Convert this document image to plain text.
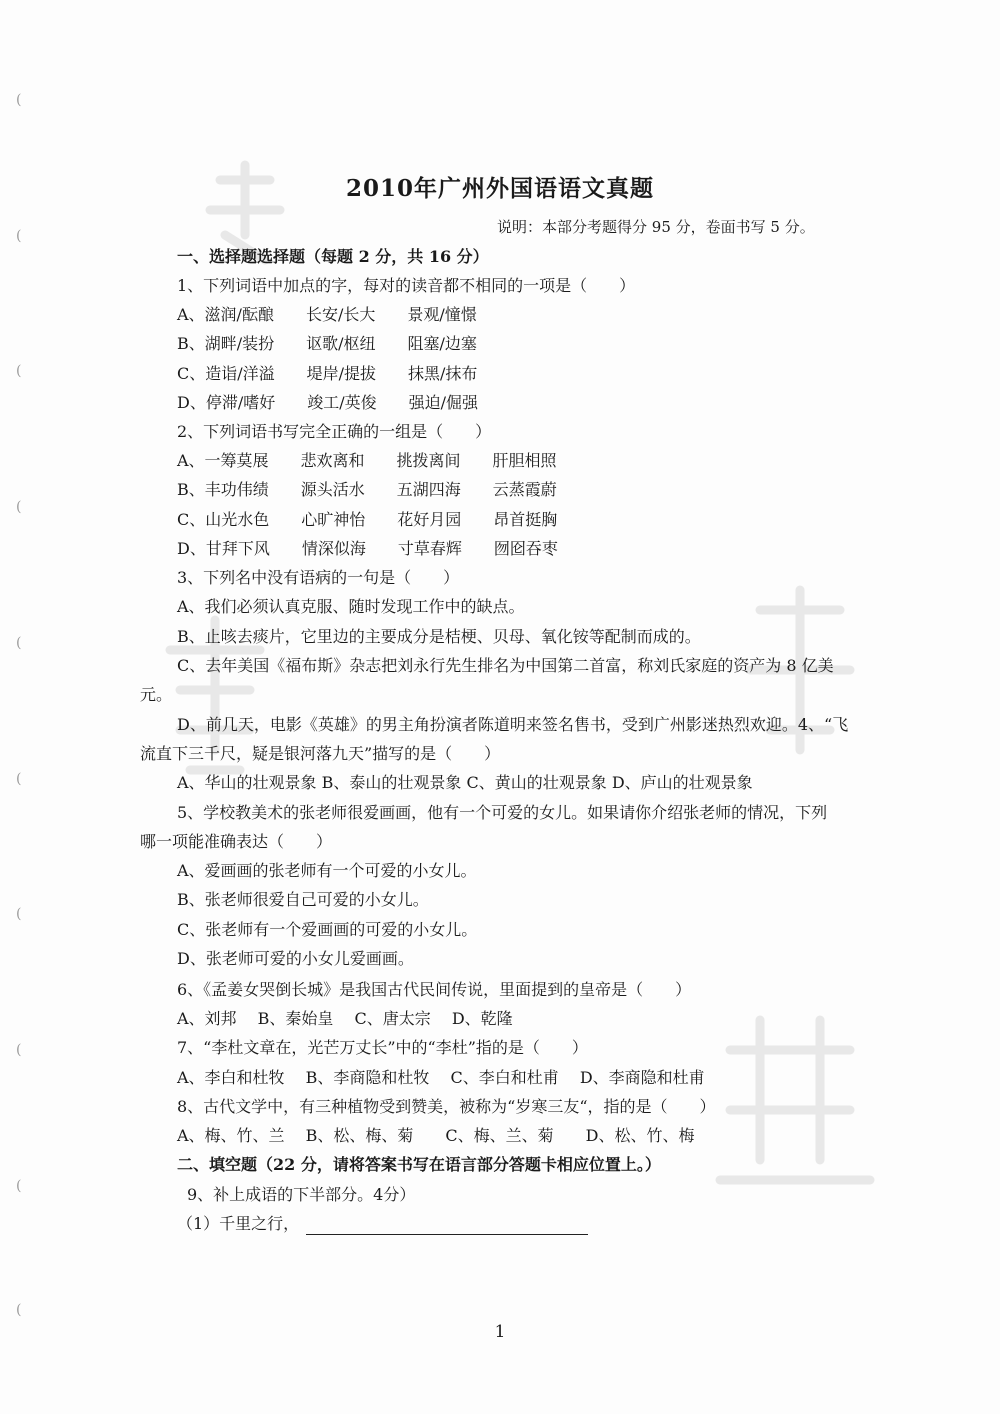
(
(
(
(
(
(
(
(
(
(
2010年广州外国语语文真题
说明：本部分考题得分 95 分，卷面书写 5 分。
一、选择题选择题（每题 2 分，共 16 分）
1、下列词语中加点的字，每对的读音都不相同的一项是（　　）
A、滋润/酝酿　　长安/长大　　景观/憧憬
B、湖畔/装扮　　讴歌/枢纽　　阻塞/边塞
C、造诣/洋溢　　堤岸/提拔　　抹黑/抹布
D、停滞/嗜好　　竣工/英俊　　强迫/倔强
2、下列词语书写完全正确的一组是（　　）
A、一筹莫展　　悲欢离和　　挑拨离间　　肝胆相照
B、丰功伟绩　　源头活水　　五湖四海　　云蒸霞蔚
C、山光水色　　心旷神怡　　花好月园　　昂首挺胸
D、甘拜下风　　情深似海　　寸草春辉　　囫囵吞枣
3、下列名中没有语病的一句是（　　）
A、我们必须认真克服、随时发现工作中的缺点。
B、止咳去痰片，它里边的主要成分是桔梗、贝母、氧化铵等配制而成的。
C、去年美国《福布斯》杂志把刘永行先生排名为中国第二首富，称刘氏家庭的资产为 8 亿美
元。
D、前几天，电影《英雄》的男主角扮演者陈道明来签名售书，受到广州影迷热烈欢迎。4、“飞
流直下三千尺，疑是银河落九天”描写的是（　　）
A、华山的壮观景象 B、泰山的壮观景象 C、黄山的壮观景象 D、庐山的壮观景象
5、学校教美术的张老师很爱画画，他有一个可爱的女儿。如果请你介绍张老师的情况，下列
哪一项能准确表达（　　）
A、爱画画的张老师有一个可爱的小女儿。
B、张老师很爱自己可爱的小女儿。
C、张老师有一个爱画画的可爱的小女儿。
D、张老师可爱的小女儿爱画画。
6、《孟姜女哭倒长城》是我国古代民间传说，里面提到的皇帝是（　　）
A、刘邦　 B、秦始皇　 C、唐太宗　 D、乾隆
7、“李杜文章在，光芒万丈长”中的“李杜”指的是（　　）
A、李白和杜牧　 B、李商隐和杜牧　 C、李白和杜甫　 D、李商隐和杜甫
8、古代文学中，有三种植物受到赞美，被称为“岁寒三友“，指的是（　　）
A、梅、竹、兰　 B、松、梅、菊　　C、梅、兰、菊　　D、松、竹、梅
二、填空题（22 分，请将答案书写在语言部分答题卡相应位置上。）
9、补上成语的下半部分。4分）
（1）千里之行，
1
